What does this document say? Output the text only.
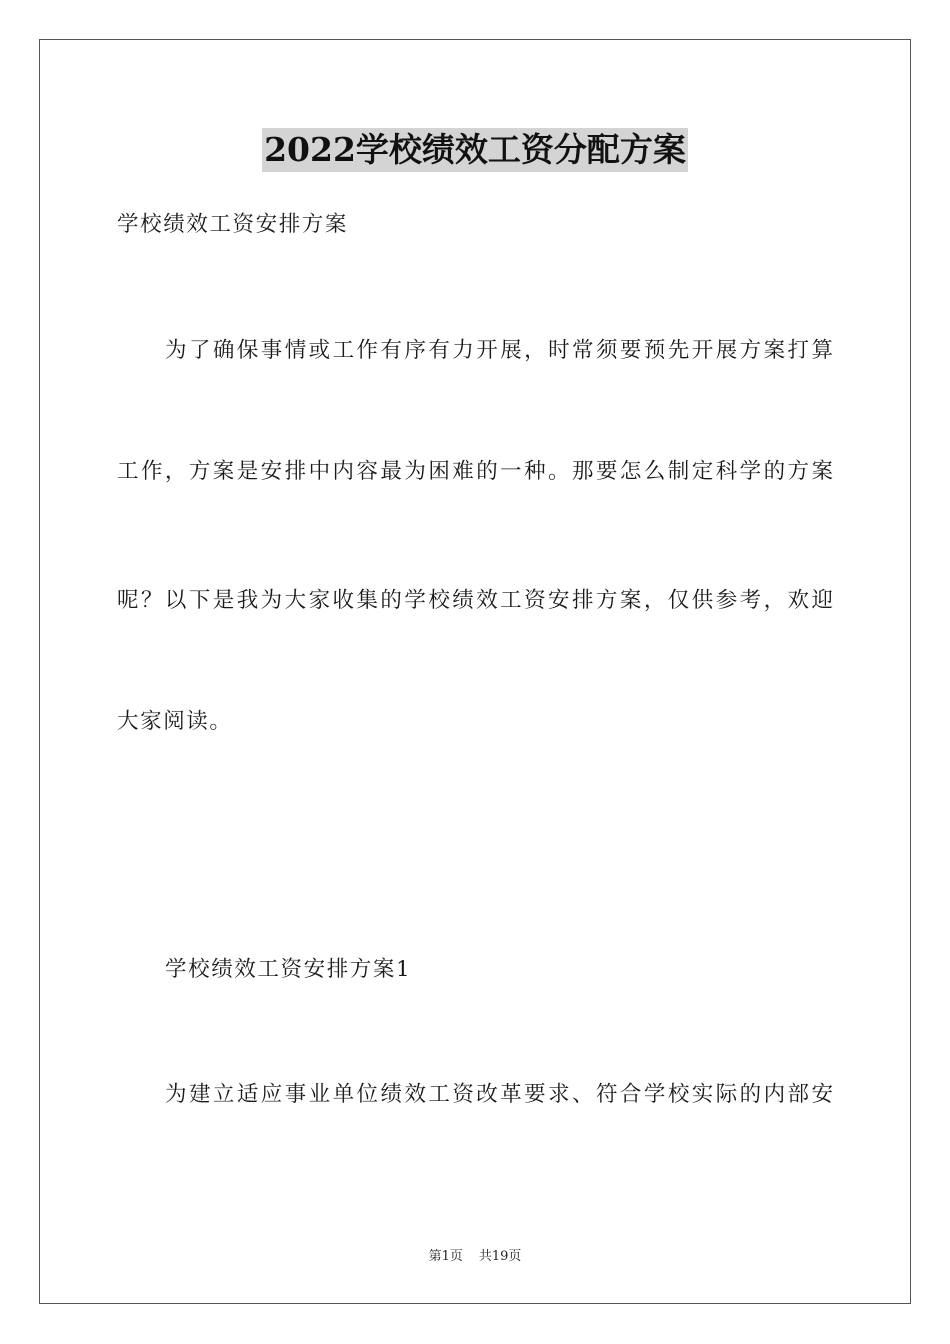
2022学校绩效工资分配方案
学校绩效工资安排方案
为了确保事情或工作有序有力开展，时常须要预先开展方案打算
工作，方案是安排中内容最为困难的一种。那要怎么制定科学的方案
呢？以下是我为大家收集的学校绩效工资安排方案，仅供参考，欢迎
大家阅读。
学校绩效工资安排方案1
为建立适应事业单位绩效工资改革要求、符合学校实际的内部安
第1页 共19页
